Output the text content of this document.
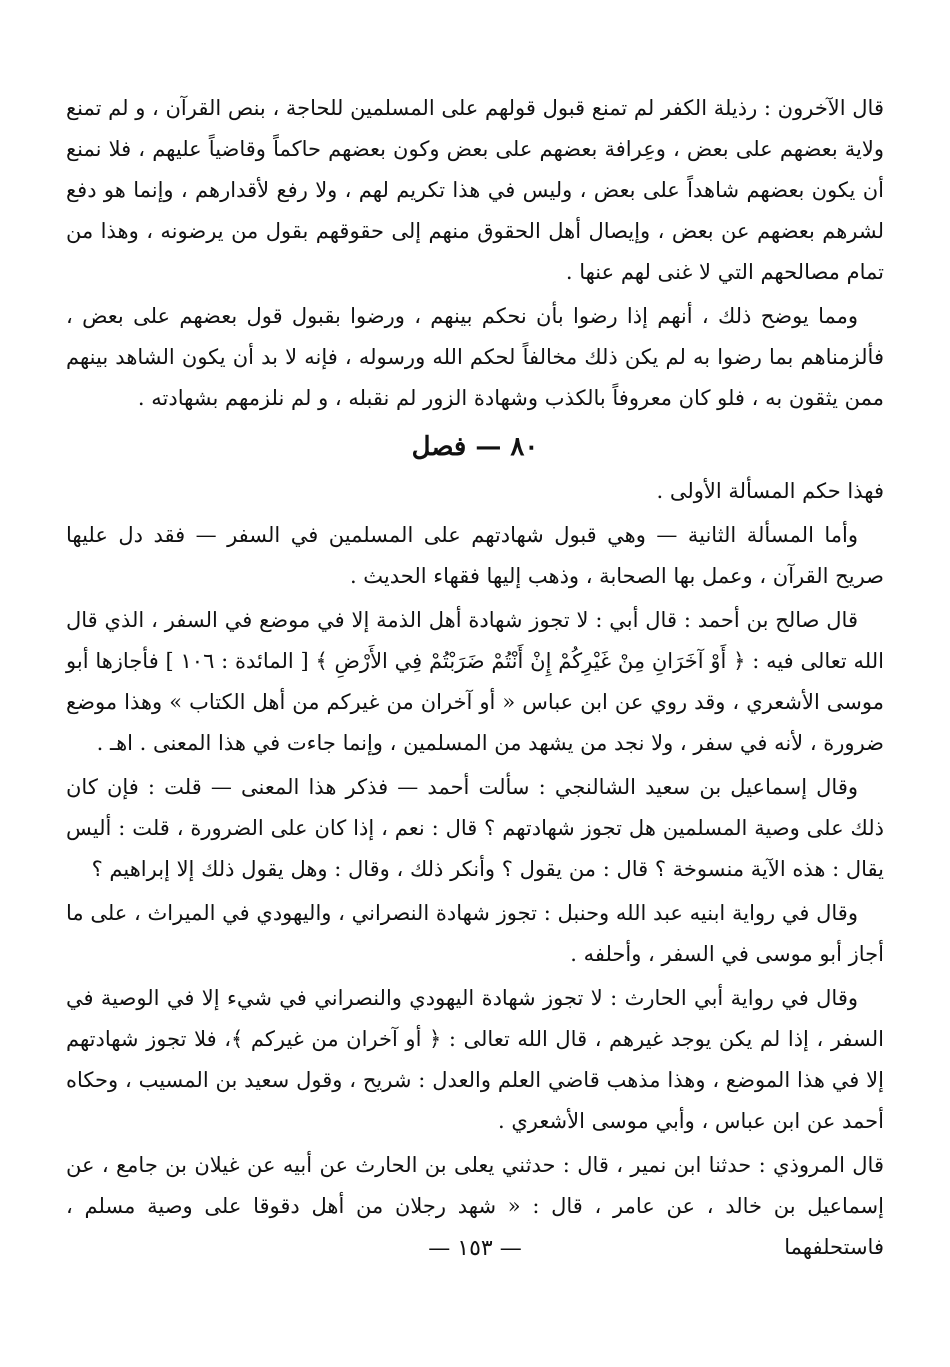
قال الآخرون : رذيلة الكفر لم تمنع قبول قولهم على المسلمين للحاجة ، بنص القرآن ، و لم تمنع ولاية بعضهم على بعض ، وعِرافة بعضهم على بعض وكون بعضهم حاكماً وقاضياً عليهم ، فلا نمنع أن يكون بعضهم شاهداً على بعض ، وليس في هذا تكريم لهم ، ولا رفع لأقدارهم ، وإنما هو دفع لشرهم بعضهم عن بعض ، وإيصال أهل الحقوق منهم إلى حقوقهم بقول من يرضونه ، وهذا من تمام مصالحهم التي لا غنى لهم عنها .

ومما يوضح ذلك ، أنهم إذا رضوا بأن نحكم بينهم ، ورضوا بقبول قول بعضهم على بعض ، فألزمناهم بما رضوا به لم يكن ذلك مخالفاً لحكم الله ورسوله ، فإنه لا بد أن يكون الشاهد بينهم ممن يثقون به ، فلو كان معروفاً بالكذب وشهادة الزور لم نقبله ، و لم نلزمهم بشهادته .

٨٠ — فصل

فهذا حكم المسألة الأولى .

وأما المسألة الثانية — وهي قبول شهادتهم على المسلمين في السفر — فقد دل عليها صريح القرآن ، وعمل بها الصحابة ، وذهب إليها فقهاء الحديث .

قال صالح بن أحمد : قال أبي : لا تجوز شهادة أهل الذمة إلا في موضع في السفر ، الذي قال الله تعالى فيه : ﴿ أَوْ آخَرَانِ مِنْ غَيْرِكُمْ إِنْ أَنْتُمْ ضَرَبْتُمْ فِي الأَرْضِ ﴾ [ المائدة : ١٠٦ ] فأجازها أبو موسى الأشعري ، وقد روي عن ابن عباس « أو آخران من غيركم من أهل الكتاب » وهذا موضع ضرورة ، لأنه في سفر ، ولا نجد من يشهد من المسلمين ، وإنما جاءت في هذا المعنى . اهـ .

وقال إسماعيل بن سعيد الشالنجي : سألت أحمد — فذكر هذا المعنى — قلت : فإن كان ذلك على وصية المسلمين هل تجوز شهادتهم ؟ قال : نعم ، إذا كان على الضرورة ، قلت : أليس يقال : هذه الآية منسوخة ؟ قال : من يقول ؟ وأنكر ذلك ، وقال : وهل يقول ذلك إلا إبراهيم ؟

وقال في رواية ابنيه عبد الله وحنبل : تجوز شهادة النصراني ، واليهودي في الميراث ، على ما أجاز أبو موسى في السفر ، وأحلفه .

وقال في رواية أبي الحارث : لا تجوز شهادة اليهودي والنصراني في شيء إلا في الوصية في السفر ، إذا لم يكن يوجد غيرهم ، قال الله تعالى : ﴿ أو آخران من غيركم ﴾، فلا تجوز شهادتهم إلا في هذا الموضع ، وهذا مذهب قاضي العلم والعدل : شريح ، وقول سعيد بن المسيب ، وحكاه أحمد عن ابن عباس ، وأبي موسى الأشعري .

قال المروذي : حدثنا ابن نمير ، قال : حدثني يعلى بن الحارث عن أبيه عن غيلان بن جامع ، عن إسماعيل بن خالد ، عن عامر ، قال : « شهد رجلان من أهل دقوقا على وصية مسلم ، فاستحلفهما

— ١٥٣ —
